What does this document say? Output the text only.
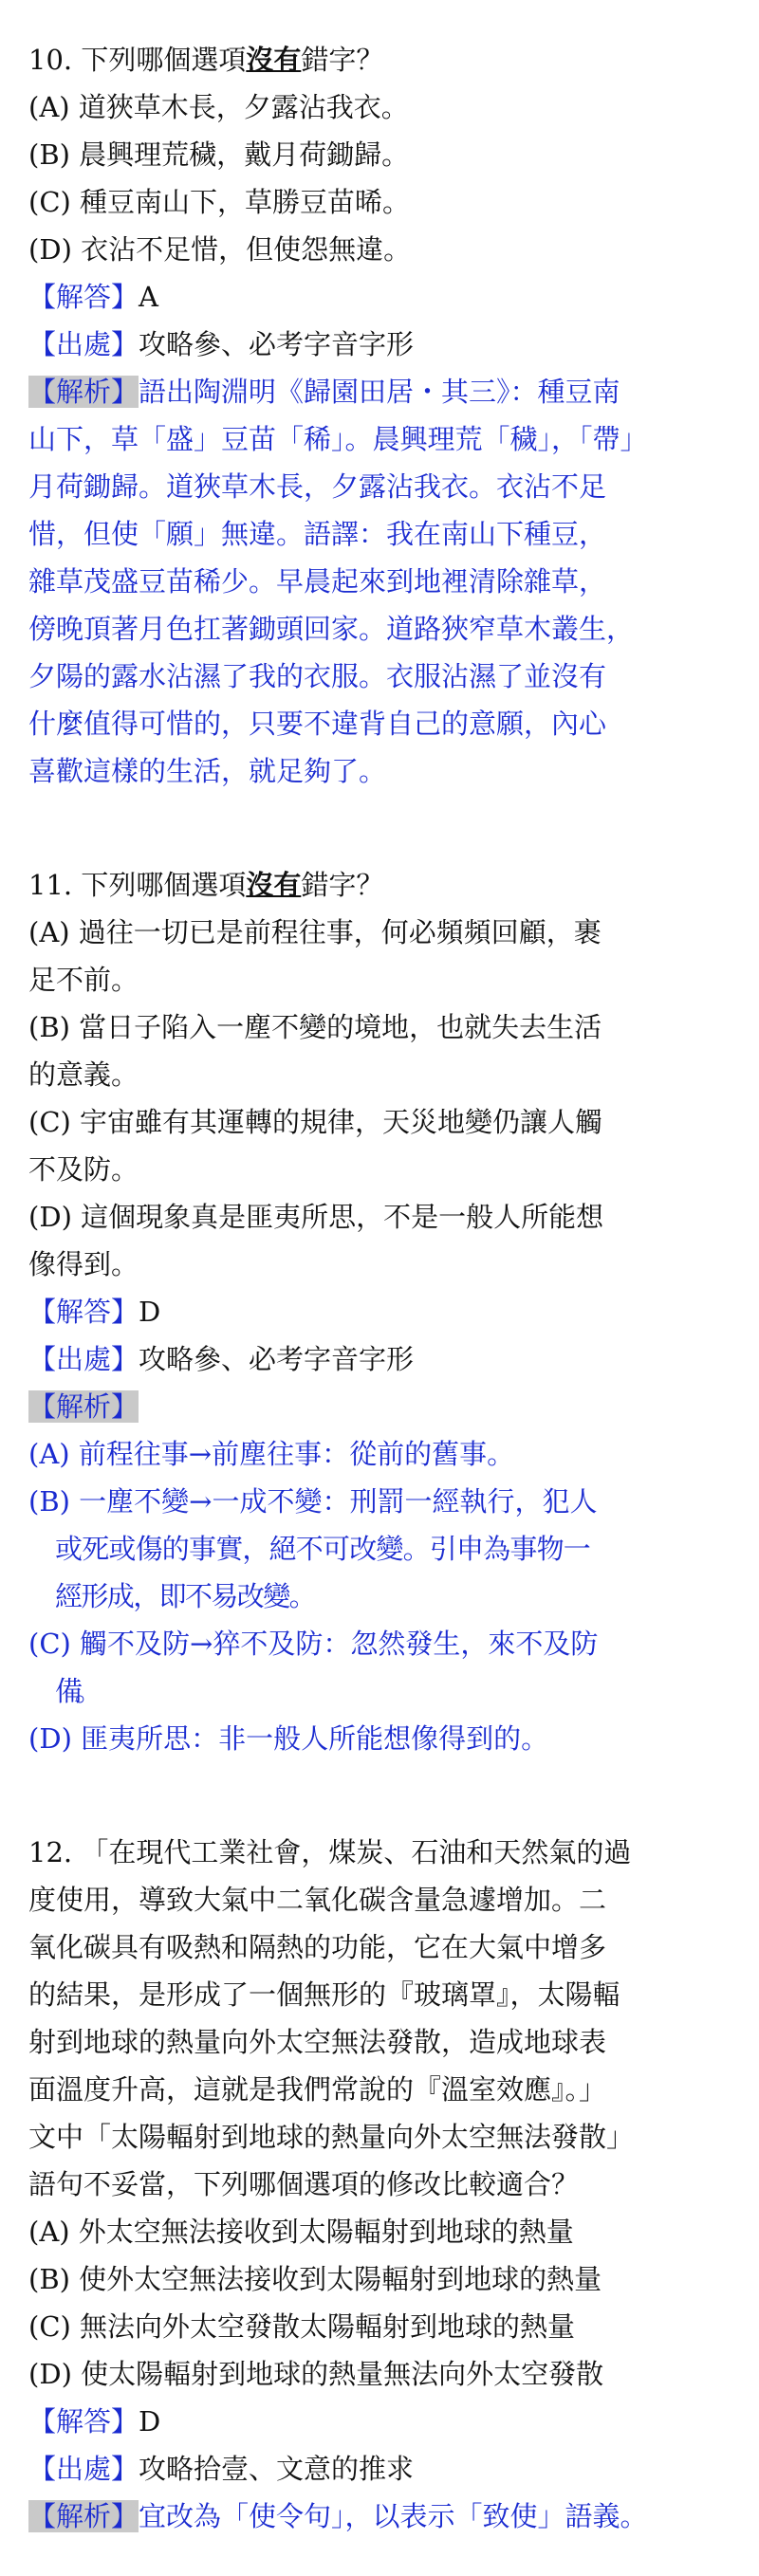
10. 下列哪個選項沒有錯字？
(A) 道狹草木長，夕露沾我衣。
(B) 晨興理荒穢，戴月荷鋤歸。
(C) 種豆南山下，草勝豆苗晞。
(D) 衣沾不足惜，但使怨無違。
【解答】A
【出處】攻略參、必考字音字形
【解析】語出陶淵明《歸園田居・其三》：種豆南
山下，草「盛」豆苗「稀」。晨興理荒「穢」，「帶」
月荷鋤歸。道狹草木長，夕露沾我衣。衣沾不足
惜，但使「願」無違。語譯：我在南山下種豆，
雜草茂盛豆苗稀少。早晨起來到地裡清除雜草，
傍晚頂著月色扛著鋤頭回家。道路狹窄草木叢生，
夕陽的露水沾濕了我的衣服。衣服沾濕了並沒有
什麼值得可惜的，只要不違背自己的意願，內心
喜歡這樣的生活，就足夠了。
11. 下列哪個選項沒有錯字？
(A) 過往一切已是前程往事，何必頻頻回顧，裹
足不前。
(B) 當日子陷入一塵不變的境地，也就失去生活
的意義。
(C) 宇宙雖有其運轉的規律，天災地變仍讓人觸
不及防。
(D) 這個現象真是匪夷所思，不是一般人所能想
像得到。
【解答】D
【出處】攻略參、必考字音字形
【解析】
(A) 前程往事→前塵往事：從前的舊事。
(B) 一塵不變→一成不變：刑罰一經執行，犯人
或死或傷的事實，絕不可改變。引申為事物一
經形成，即不易改變。
(C) 觸不及防→猝不及防：忽然發生，來不及防
備。
(D) 匪夷所思：非一般人所能想像得到的。
12. 「在現代工業社會，煤炭、石油和天然氣的過
度使用，導致大氣中二氧化碳含量急遽增加。二
氧化碳具有吸熱和隔熱的功能，它在大氣中增多
的結果，是形成了一個無形的『玻璃罩』，太陽輻
射到地球的熱量向外太空無法發散，造成地球表
面溫度升高，這就是我們常說的『溫室效應』。」
文中「太陽輻射到地球的熱量向外太空無法發散」
語句不妥當，下列哪個選項的修改比較適合？
(A) 外太空無法接收到太陽輻射到地球的熱量
(B) 使外太空無法接收到太陽輻射到地球的熱量
(C) 無法向外太空發散太陽輻射到地球的熱量
(D) 使太陽輻射到地球的熱量無法向外太空發散
【解答】D
【出處】攻略拾壹、文意的推求
【解析】宜改為「使令句」，以表示「致使」語義。
